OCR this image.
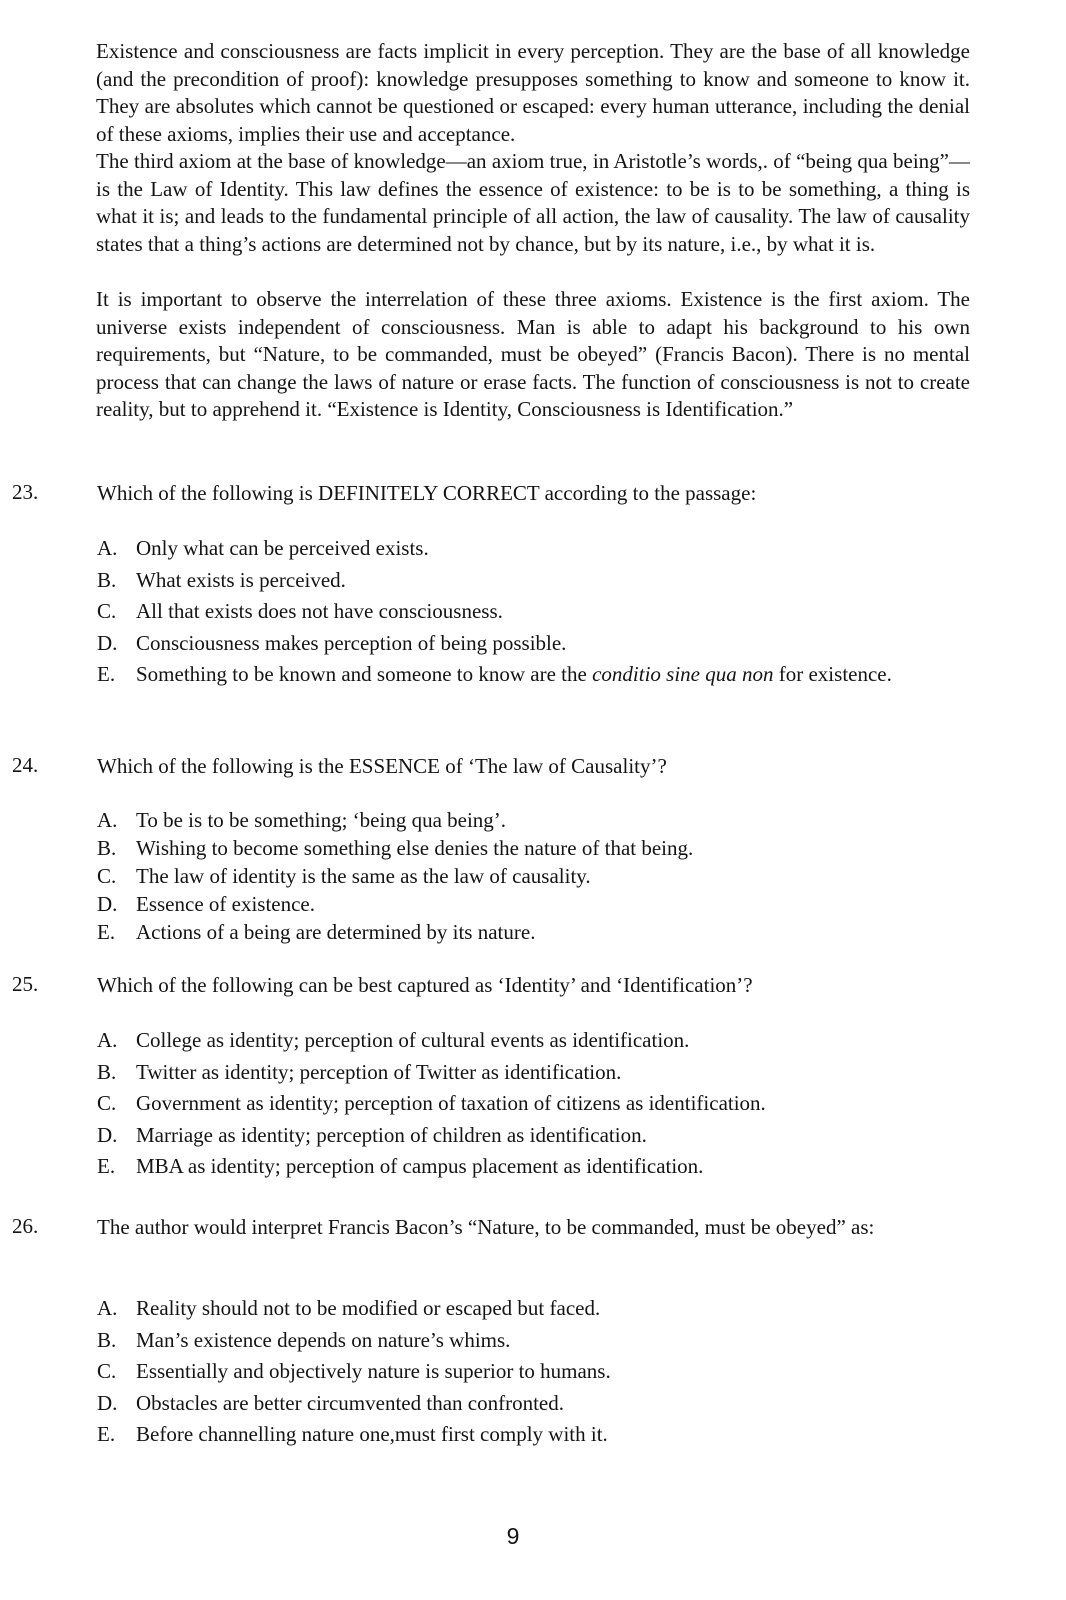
Existence and consciousness are facts implicit in every perception. They are the base of all knowledge (and the precondition of proof): knowledge presupposes something to know and someone to know it. They are absolutes which cannot be questioned or escaped: every human utterance, including the denial of these axioms, implies their use and acceptance.

The third axiom at the base of knowledge—an axiom true, in Aristotle’s words,. of “being qua being”—is the Law of Identity. This law defines the essence of existence: to be is to be something, a thing is what it is; and leads to the fundamental principle of all action, the law of causality. The law of causality states that a thing’s actions are determined not by chance, but by its nature, i.e., by what it is.

It is important to observe the interrelation of these three axioms. Existence is the first axiom. The universe exists independent of consciousness. Man is able to adapt his background to his own requirements, but “Nature, to be commanded, must be obeyed” (Francis Bacon). There is no mental process that can change the laws of nature or erase facts. The function of consciousness is not to create reality, but to apprehend it. “Existence is Identity, Consciousness is Identification.”

23.	Which of the following is DEFINITELY CORRECT according to the passage:

A. Only what can be perceived exists.
B. What exists is perceived.
C. All that exists does not have consciousness.
D. Consciousness makes perception of being possible.
E. Something to be known and someone to know are the conditio sine qua non for existence.
24.	Which of the following is the ESSENCE of ‘The law of Causality’?

A. To be is to be something; ‘being qua being’.
B. Wishing to become something else denies the nature of that being.
C. The law of identity is the same as the law of causality.
D. Essence of existence.
E. Actions of a being are determined by its nature.
25.	Which of the following can be best captured as ‘Identity’ and ‘Identification’?

A. College as identity; perception of cultural events as identification.
B. Twitter as identity; perception of Twitter as identification.
C. Government as identity; perception of taxation of citizens as identification.
D. Marriage as identity; perception of children as identification.
E. MBA as identity; perception of campus placement as identification.
26.	The author would interpret Francis Bacon’s “Nature, to be commanded, must be obeyed” as:

A. Reality should not to be modified or escaped but faced.
B. Man’s existence depends on nature’s whims.
C. Essentially and objectively nature is superior to humans.
D. Obstacles are better circumvented than confronted.
E. Before channelling nature one,must first comply with it.
9
